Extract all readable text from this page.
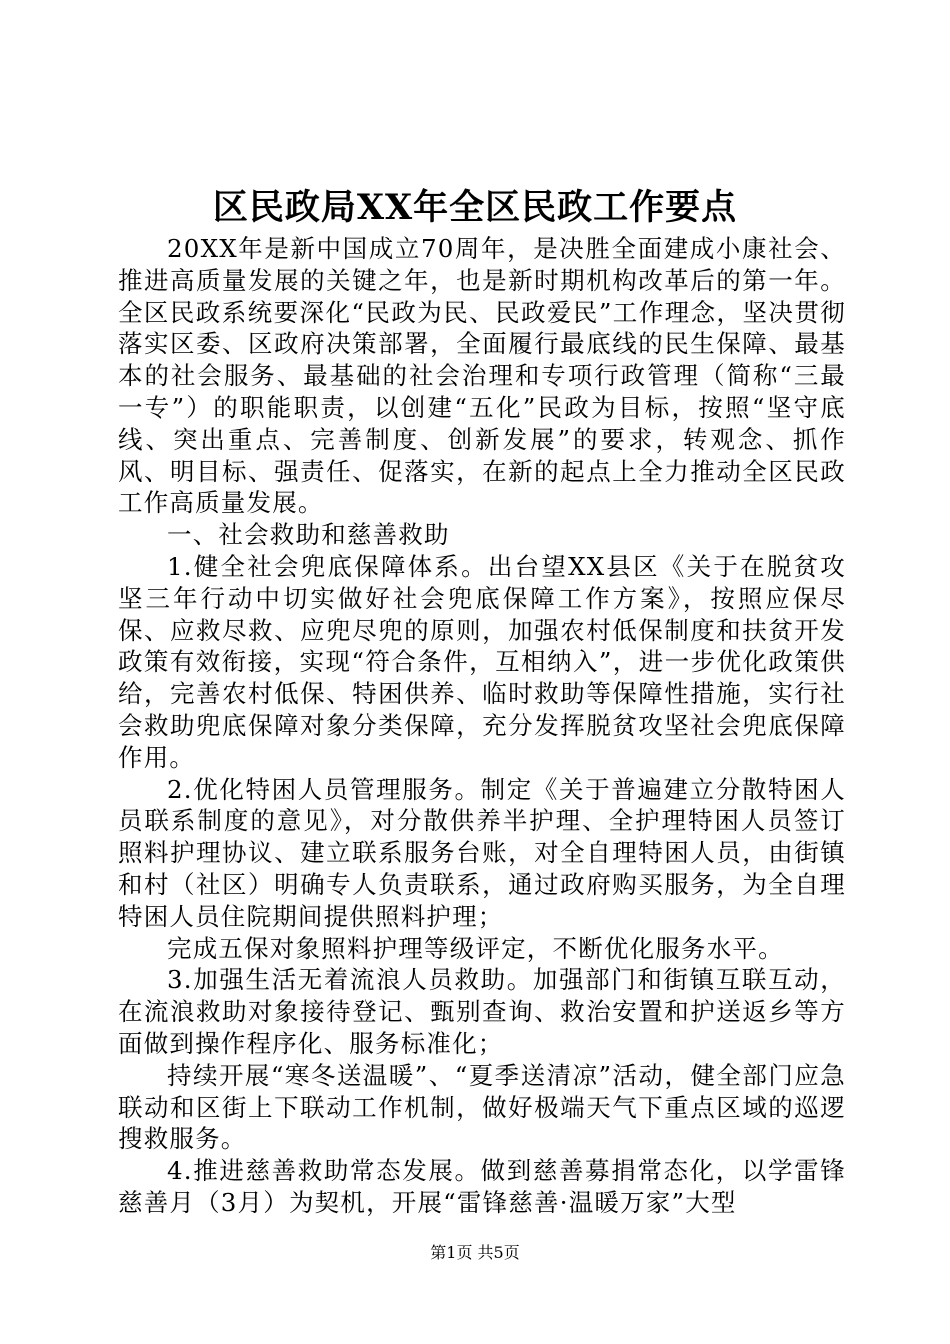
区民政局XX年全区民政工作要点

20XX年是新中国成立70周年，是决胜全面建成小康社会、推进高质量发展的关键之年，也是新时期机构改革后的第一年。全区民政系统要深化“民政为民、民政爱民”工作理念，坚决贯彻落实区委、区政府决策部署，全面履行最底线的民生保障、最基本的社会服务、最基础的社会治理和专项行政管理（简称“三最一专”）的职能职责，以创建“五化”民政为目标，按照“坚守底线、突出重点、完善制度、创新发展”的要求，转观念、抓作风、明目标、强责任、促落实，在新的起点上全力推动全区民政工作高质量发展。

一、社会救助和慈善救助

1.健全社会兜底保障体系。出台望XX县区《关于在脱贫攻坚三年行动中切实做好社会兜底保障工作方案》，按照应保尽保、应救尽救、应兜尽兜的原则，加强农村低保制度和扶贫开发政策有效衔接，实现“符合条件，互相纳入”，进一步优化政策供给，完善农村低保、特困供养、临时救助等保障性措施，实行社会救助兜底保障对象分类保障，充分发挥脱贫攻坚社会兜底保障作用。

2.优化特困人员管理服务。制定《关于普遍建立分散特困人员联系制度的意见》，对分散供养半护理、全护理特困人员签订照料护理协议、建立联系服务台账，对全自理特困人员，由街镇和村（社区）明确专人负责联系，通过政府购买服务，为全自理特困人员住院期间提供照料护理；

完成五保对象照料护理等级评定，不断优化服务水平。

3.加强生活无着流浪人员救助。加强部门和街镇互联互动，在流浪救助对象接待登记、甄别查询、救治安置和护送返乡等方面做到操作程序化、服务标准化；

持续开展“寒冬送温暖”、“夏季送清凉”活动，健全部门应急联动和区街上下联动工作机制，做好极端天气下重点区域的巡逻搜救服务。

4.推进慈善救助常态发展。做到慈善募捐常态化，以学雷锋慈善月（3月）为契机，开展“雷锋慈善·温暖万家”大型

第1页 共5页
